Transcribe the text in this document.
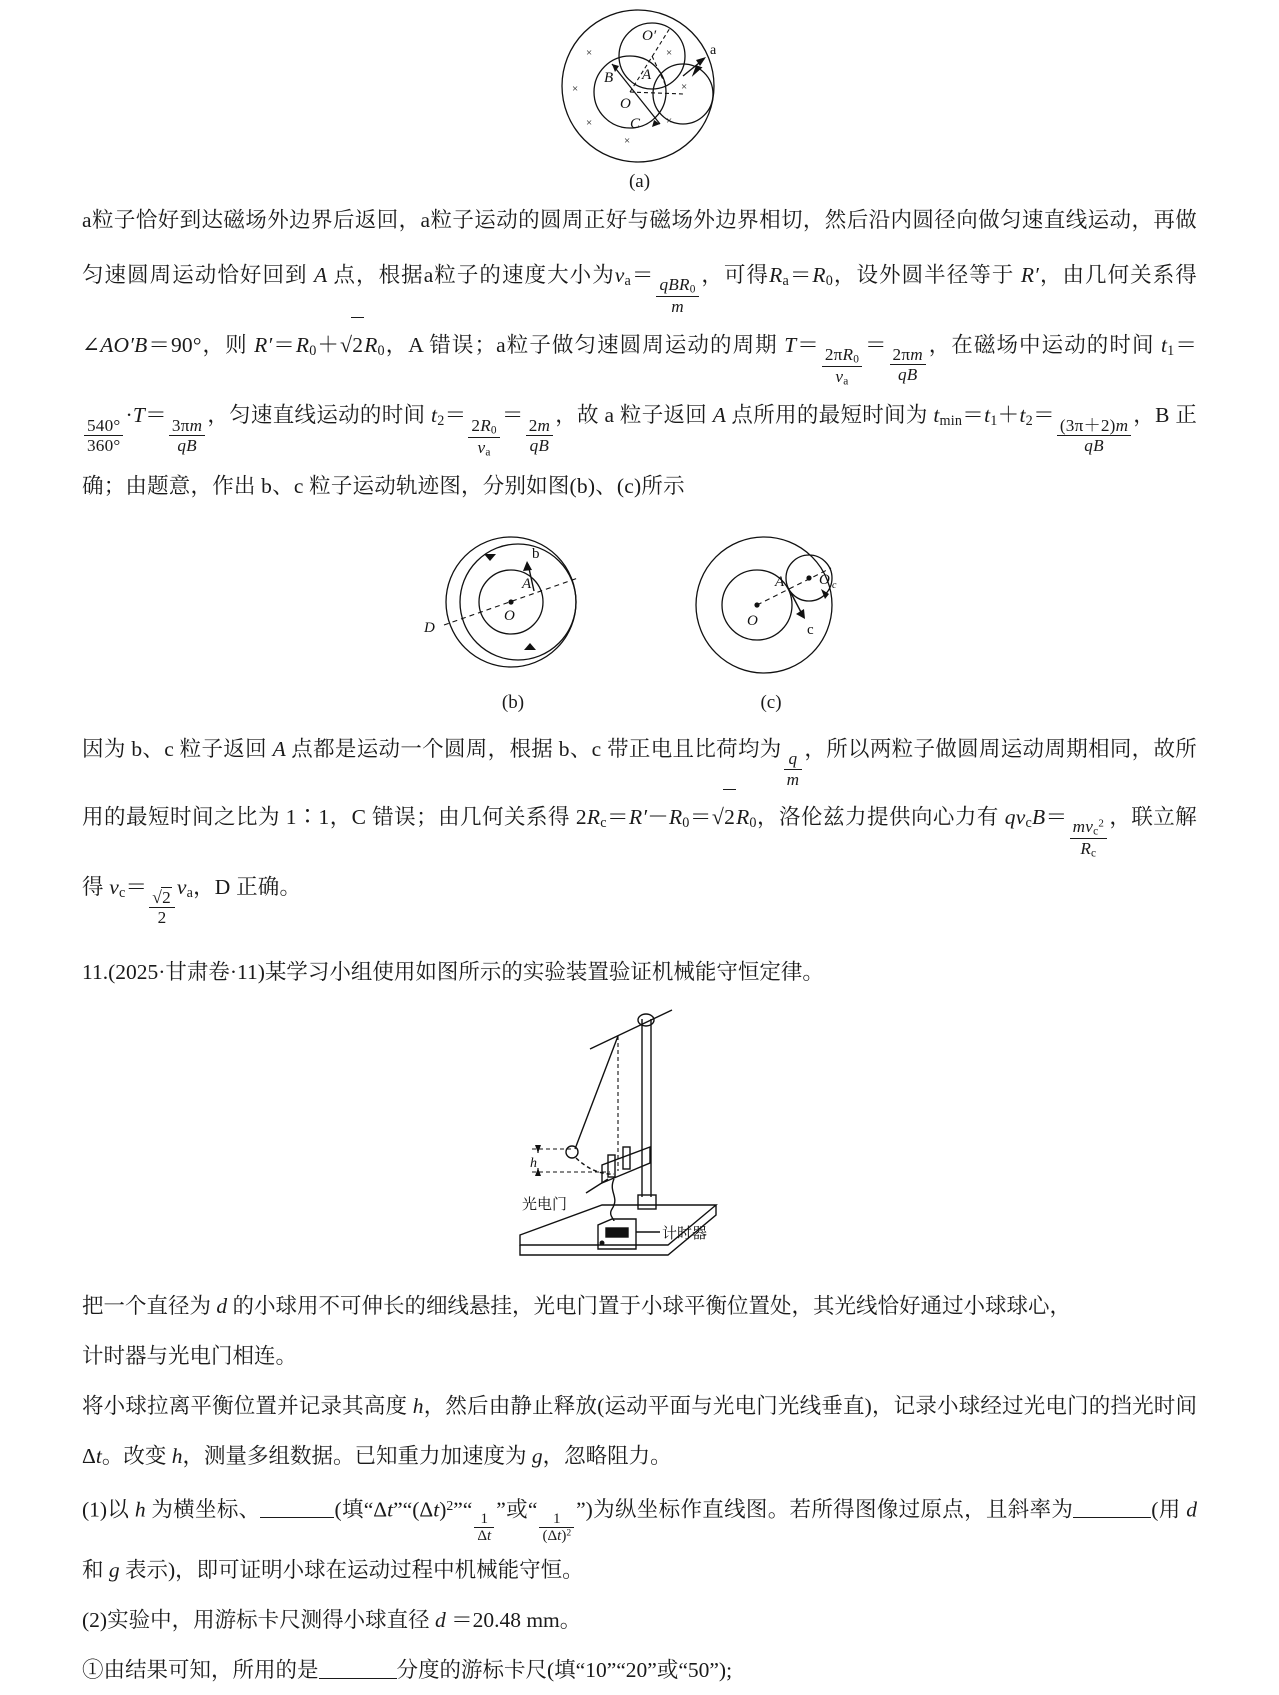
×
×
×
×
×
×
×
O′
B A
O
C
a
(a)
a粒子恰好到达磁场外边界后返回，a粒子运动的圆周正好与磁场外边界相切，然后沿内圆径向做匀速直线运动，再做匀速圆周运动恰好回到 A 点，根据a粒子的速度大小为$v_a=$
$\frac{qBR_0}{m}$
，可得$R_a=R_0$，设外圆半径等于 R′，由几何关系得∠AO′B＝90°，则 $R'=R_0+√2R_0$，A 错误；a粒子做匀速圆周运动的周期 T＝
$\frac{2\pi R_0}{v_a}$
＝
$\frac{2\pi m}{qB}$
，在磁场中运动的时间 $t_1=$
$\frac{540^\circ}{360^\circ}$
·T＝
$\frac{3\pi m}{qB}$
，匀速直线运动的时间 $t_2=$
$\frac{2R_0}{v_a}$
＝
$\frac{2m}{qB}$
，故 a 粒子返回 A 点所用的最短时间为 $t_{min}=t_1+t_2=$
$\frac{(3\pi+2)m}{qB}$
，B 正确；由题意，作出 b、c 粒子运动轨迹图，分别如图(b)、(c)所示
b
A
O
D
(b)
A
O
O c
c
(c)
因为 b、c 粒子返回 A 点都是运动一个圆周，根据 b、c 带正电且比荷均为
$\frac{q}{m}$
，所以两粒子做圆周运动周期相同，故所用的最短时间之比为 1∶1，C 错误；由几何关系得 $2R_c=R'-R_0=√2R_0$，洛伦兹力提供向心力有 $qv_cB=$
$\frac{mv_c^2}{R_c}$
，联立解得 $v_c= \frac{√2}{2} v_a$，D 正确。
11.(2025·甘肃卷·11)某学习小组使用如图所示的实验装置验证机械能守恒定律。
h
光电门
计时器
把一个直径为 d 的小球用不可伸长的细线悬挂，光电门置于小球平衡位置处，其光线恰好通过小球球心，
计时器与光电门相连。
将小球拉离平衡位置并记录其高度 h，然后由静止释放(运动平面与光电门光线垂直)，记录小球经过光电门的挡光时间 Δt。改变 h，测量多组数据。已知重力加速度为 g，忽略阻力。
(1)以 h 为横坐标、	(填“$\Delta t”“(\Delta t)^2”“$
$\frac{1}{\Delta t}$
”或“
$\frac{1}{(\Delta t)^2}$
”)为纵坐标作直线图。若所得图像过原点，且斜率为	(用 d 和 g 表示)，即可证明小球在运动过程中机械能守恒。
(2)实验中，用游标卡尺测得小球直径 d ＝20.48 mm。
①由结果可知，所用的是	分度的游标卡尺(填“10”“20”或“50”);
